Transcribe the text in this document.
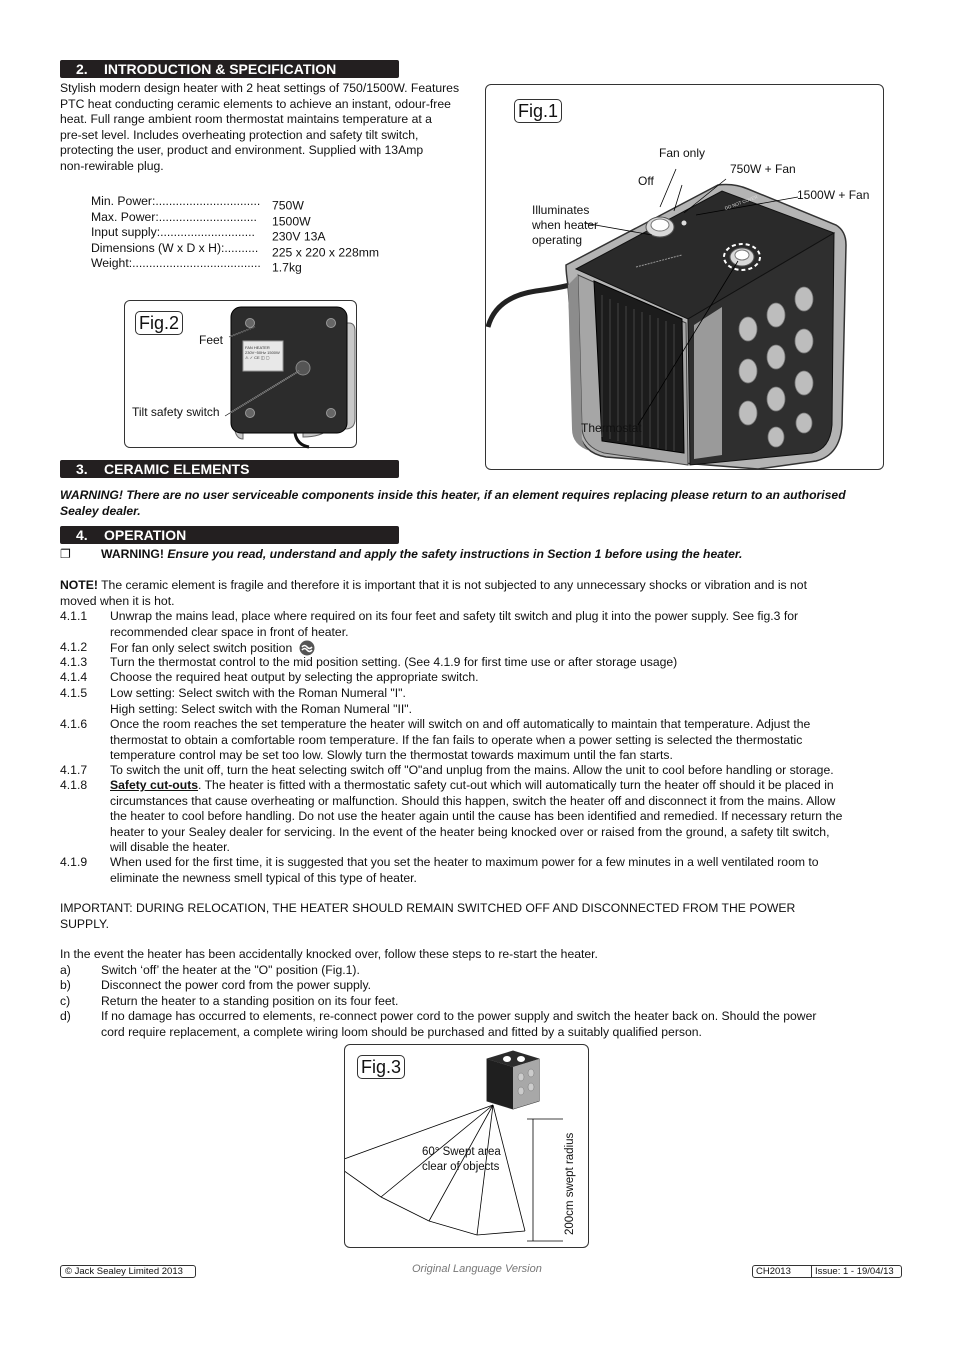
2. INTRODUCTION & SPECIFICATION
Stylish modern design heater with 2 heat settings of 750/1500W. Features
PTC heat conducting ceramic elements to achieve an instant, odour-free
heat. Full range ambient room thermostat maintains temperature at a
pre-set level. Includes overheating protection and safety tilt switch,
protecting the user, product and environment. Supplied with 13Amp
non-rewirable plug.
Min. Power:............................... 750W
Max. Power:............................. 1500W
Input supply:............................ 230V 13A
Dimensions (W x D x H):.......... 225 x 220 x 228mm
Weight:...................................... 1.7kg
FAN HEATER
230V~50Hz 1500W
⚠ ✓ CE ◫ ▢
Fig.2
Feet
Tilt safety switch
DO NOT COVER
Fig.1
Fan only
750W + Fan
Off
1500W + Fan
Illuminates
when heater
operating
Thermostat
3. CERAMIC ELEMENTS
WARNING! There are no user serviceable components inside this heater, if an element requires replacing please return to an authorised
Sealey dealer.
4. OPERATION
❐ WARNING! Ensure you read, understand and apply the safety instructions in Section 1 before using the heater.
NOTE! The ceramic element is fragile and therefore it is important that it is not subjected to any unnecessary shocks or vibration and is not
moved when it is hot.
4.1.1 Unwrap the mains lead, place where required on its four feet and safety tilt switch and plug it into the power supply. See fig.3 for
recommended clear space in front of heater.
4.1.2 For fan only select switch position
4.1.3 Turn the thermostat control to the mid position setting. (See 4.1.9 for first time use or after storage usage)
4.1.4 Choose the required heat output by selecting the appropriate switch.
4.1.5 Low setting: Select switch with the Roman Numeral "I".
High setting: Select switch with the Roman Numeral "II".
4.1.6 Once the room reaches the set temperature the heater will switch on and off automatically to maintain that temperature. Adjust the
thermostat to obtain a comfortable room temperature. If the fan fails to operate when a power setting is selected the thermostatic
temperature control may be set too low. Slowly turn the thermostat towards maximum until the fan starts.
4.1.7 To switch the unit off, turn the heat selecting switch off "O"and unplug from the mains. Allow the unit to cool before handling or storage.
4.1.8 Safety cut-outs. The heater is fitted with a thermostatic safety cut-out which will automatically turn the heater off should it be placed in
circumstances that cause overheating or malfunction. Should this happen, switch the heater off and disconnect it from the mains. Allow
the heater to cool before handling. Do not use the heater again until the cause has been identified and remedied. If necessary return the
heater to your Sealey dealer for servicing. In the event of the heater being knocked over or raised from the ground, a safety tilt switch,
will disable the heater.
4.1.9 When used for the first time, it is suggested that you set the heater to maximum power for a few minutes in a well ventilated room to
eliminate the newness smell typical of this type of heater.
IMPORTANT: DURING RELOCATION, THE HEATER SHOULD REMAIN SWITCHED OFF AND DISCONNECTED FROM THE POWER
SUPPLY.
In the event the heater has been accidentally knocked over, follow these steps to re-start the heater.
a) Switch ‘off’ the heater at the "O" position (Fig.1).
b) Disconnect the power cord from the power supply.
c)	Return the heater to a standing position on its four feet.
d) If no damage has occurred to elements, re-connect power cord to the power supply and switch the heater back on. Should the power
cord require replacement, a complete wiring loom should be purchased and fitted by a suitably qualified person.
60° Swept area
clear of objects	200cm swept radius
Fig.3
© Jack Sealey Limited 2013	Original Language Version	CH2013	Issue: 1 - 19/04/13
